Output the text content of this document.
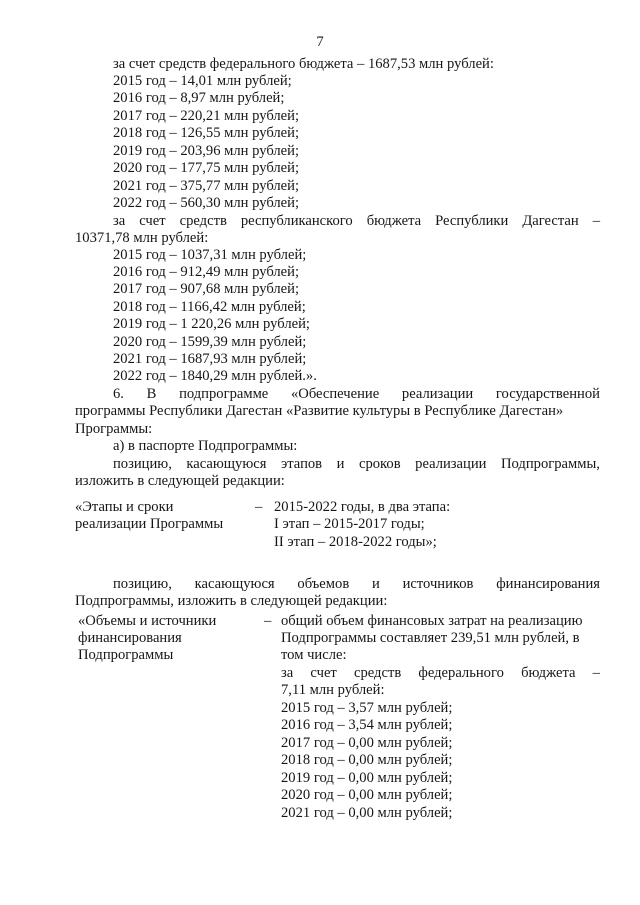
7
за счет средств федерального бюджета – 1687,53 млн рублей:
2015 год – 14,01 млн рублей;
2016 год – 8,97 млн рублей;
2017 год – 220,21 млн рублей;
2018 год – 126,55 млн рублей;
2019 год – 203,96 млн рублей;
2020 год – 177,75 млн рублей;
2021 год – 375,77 млн рублей;
2022 год – 560,30 млн рублей;
за счет средств республиканского бюджета Республики Дагестан –
10371,78 млн рублей:
2015 год – 1037,31 млн рублей;
2016 год – 912,49 млн рублей;
2017 год – 907,68 млн рублей;
2018 год – 1166,42 млн рублей;
2019 год – 1 220,26 млн рублей;
2020 год – 1599,39 млн рублей;
2021 год – 1687,93 млн рублей;
2022 год – 1840,29 млн рублей.».
6. В подпрограмме «Обеспечение реализации государственной
программы Республики Дагестан «Развитие культуры в Республике Дагестан»
Программы:
а) в паспорте Подпрограммы:
позицию, касающуюся этапов и сроков реализации Подпрограммы,
изложить в следующей редакции:
«Этапы и сроки
реализации Программы
– 2015-2022 годы, в два этапа:
I этап – 2015-2017 годы;
II этап – 2018-2022 годы»;
позицию, касающуюся объемов и источников финансирования
Подпрограммы, изложить в следующей редакции:
«Объемы и источники
финансирования
Подпрограммы
– общий объем финансовых затрат на реализацию
Подпрограммы составляет 239,51 млн рублей, в
том числе:
за счет средств федерального бюджета –
7,11 млн рублей:
2015 год – 3,57 млн рублей;
2016 год – 3,54 млн рублей;
2017 год – 0,00 млн рублей;
2018 год – 0,00 млн рублей;
2019 год – 0,00 млн рублей;
2020 год – 0,00 млн рублей;
2021 год – 0,00 млн рублей;
